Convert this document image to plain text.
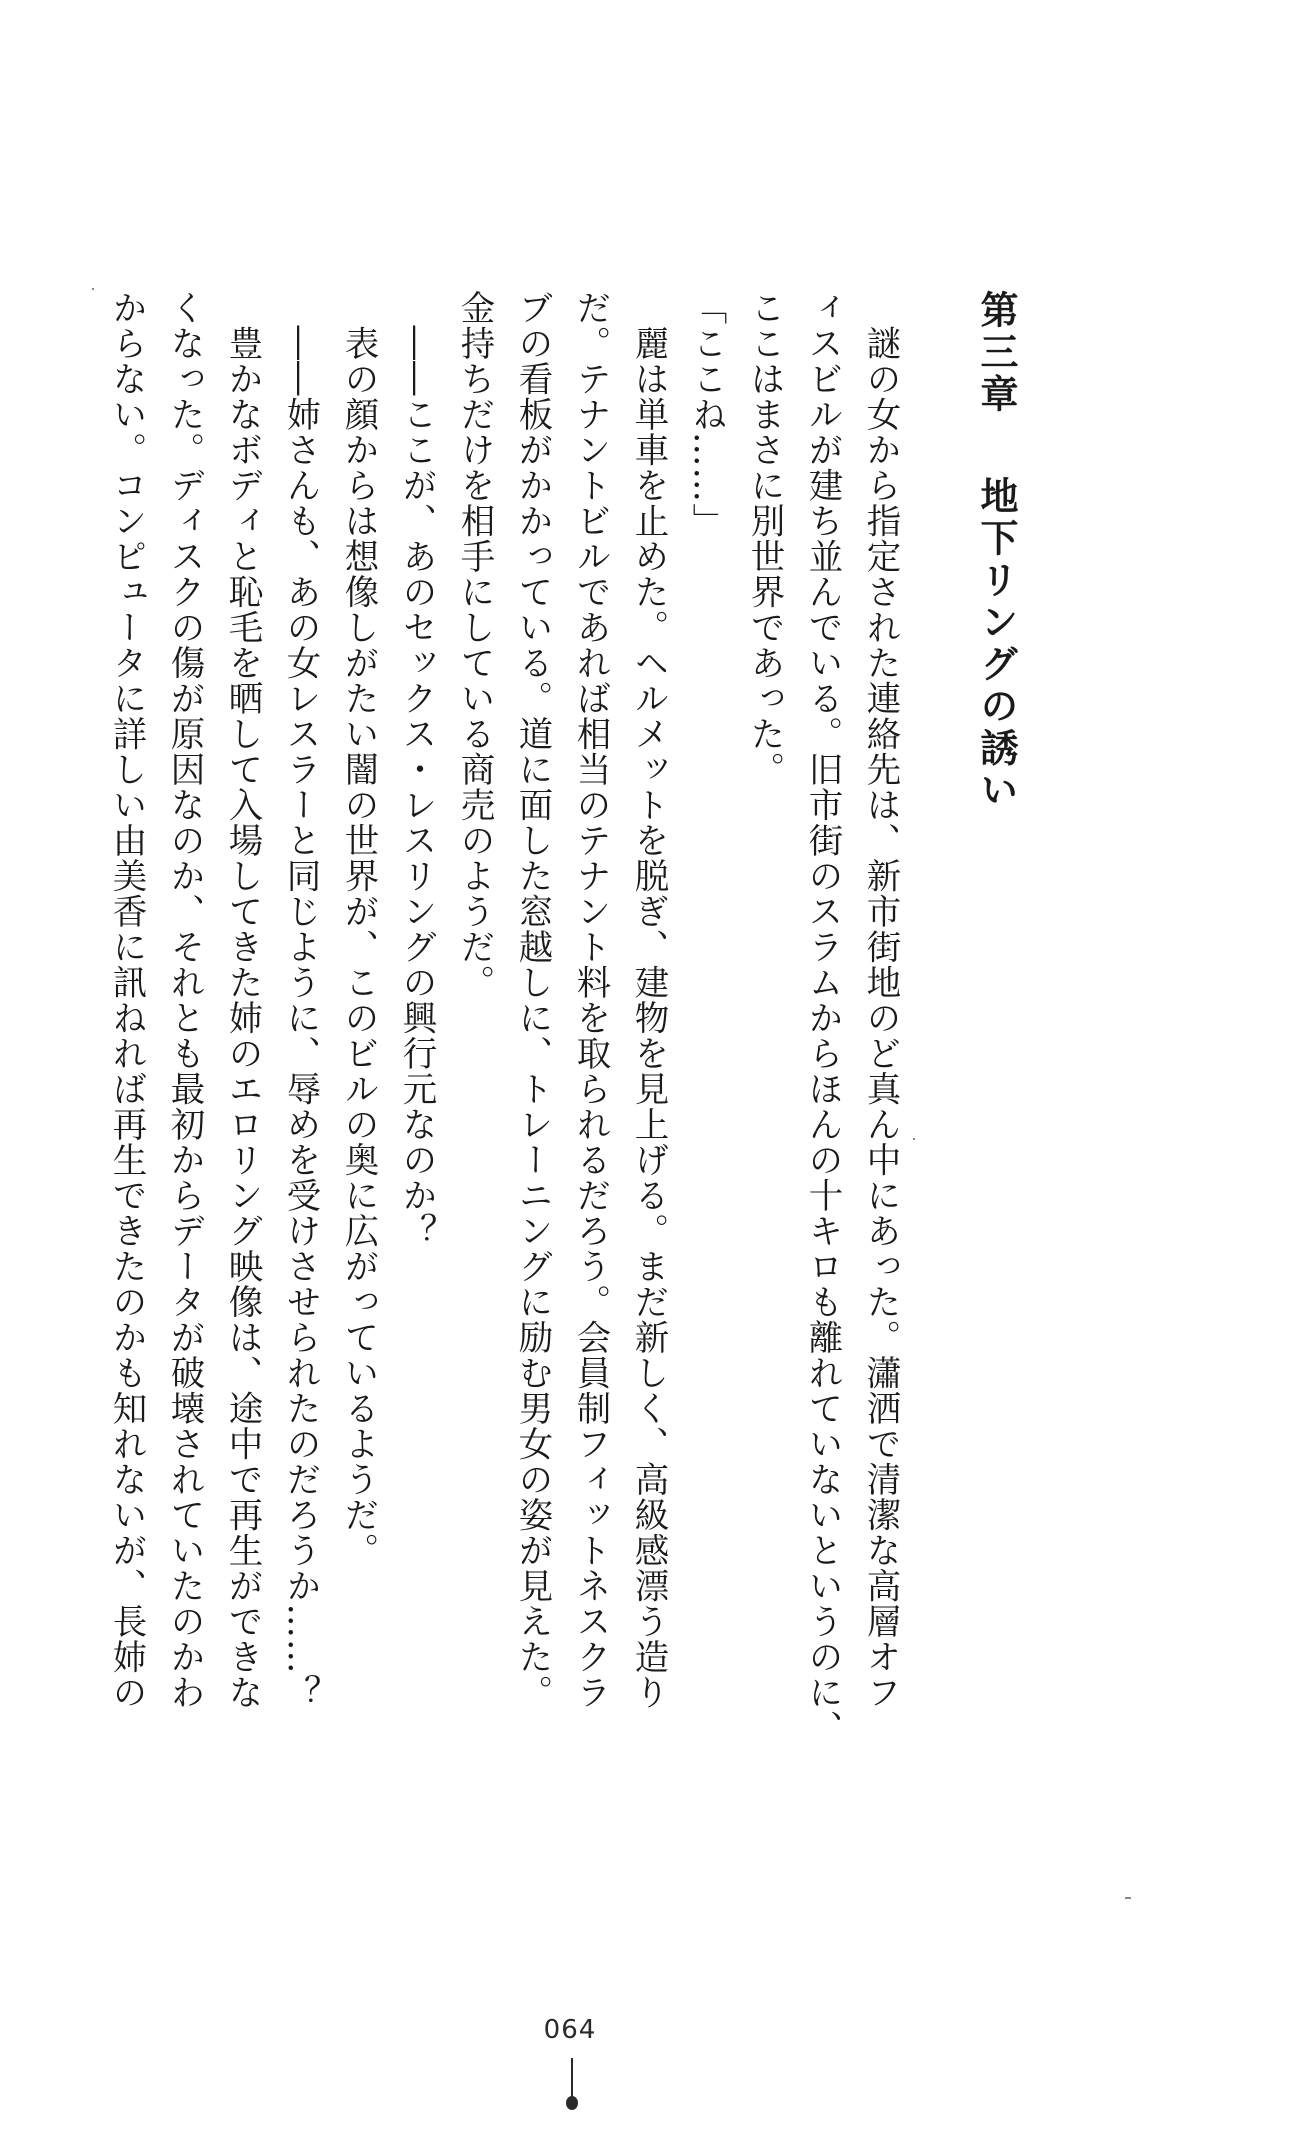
第三章地下リングの誘い
　謎の女から指定された連絡先は、新市街地のど真ん中にあった。瀟洒で清潔な高層オフ
ィスビルが建ち並んでいる。旧市街のスラムからほんの十キロも離れていないというのに、
ここはまさに別世界であった。
「ここね……」
　麗は単車を止めた。ヘルメットを脱ぎ、建物を見上げる。まだ新しく、高級感漂う造り
だ。テナントビルであれば相当のテナント料を取られるだろう。会員制フィットネスクラ
ブの看板がかかっている。道に面した窓越しに、トレーニングに励む男女の姿が見えた。
金持ちだけを相手にしている商売のようだ。
　――ここが、あのセックス・レスリングの興行元なのか？
　表の顔からは想像しがたい闇の世界が、このビルの奥に広がっているようだ。
　――姉さんも、あの女レスラーと同じように、辱めを受けさせられたのだろうか……？
　豊かなボディと恥毛を晒して入場してきた姉のエロリング映像は、途中で再生ができな
くなった。ディスクの傷が原因なのか、それとも最初からデータが破壊されていたのかわ
からない。コンピュータに詳しい由美香に訊ねれば再生できたのかも知れないが、長姉の
064
